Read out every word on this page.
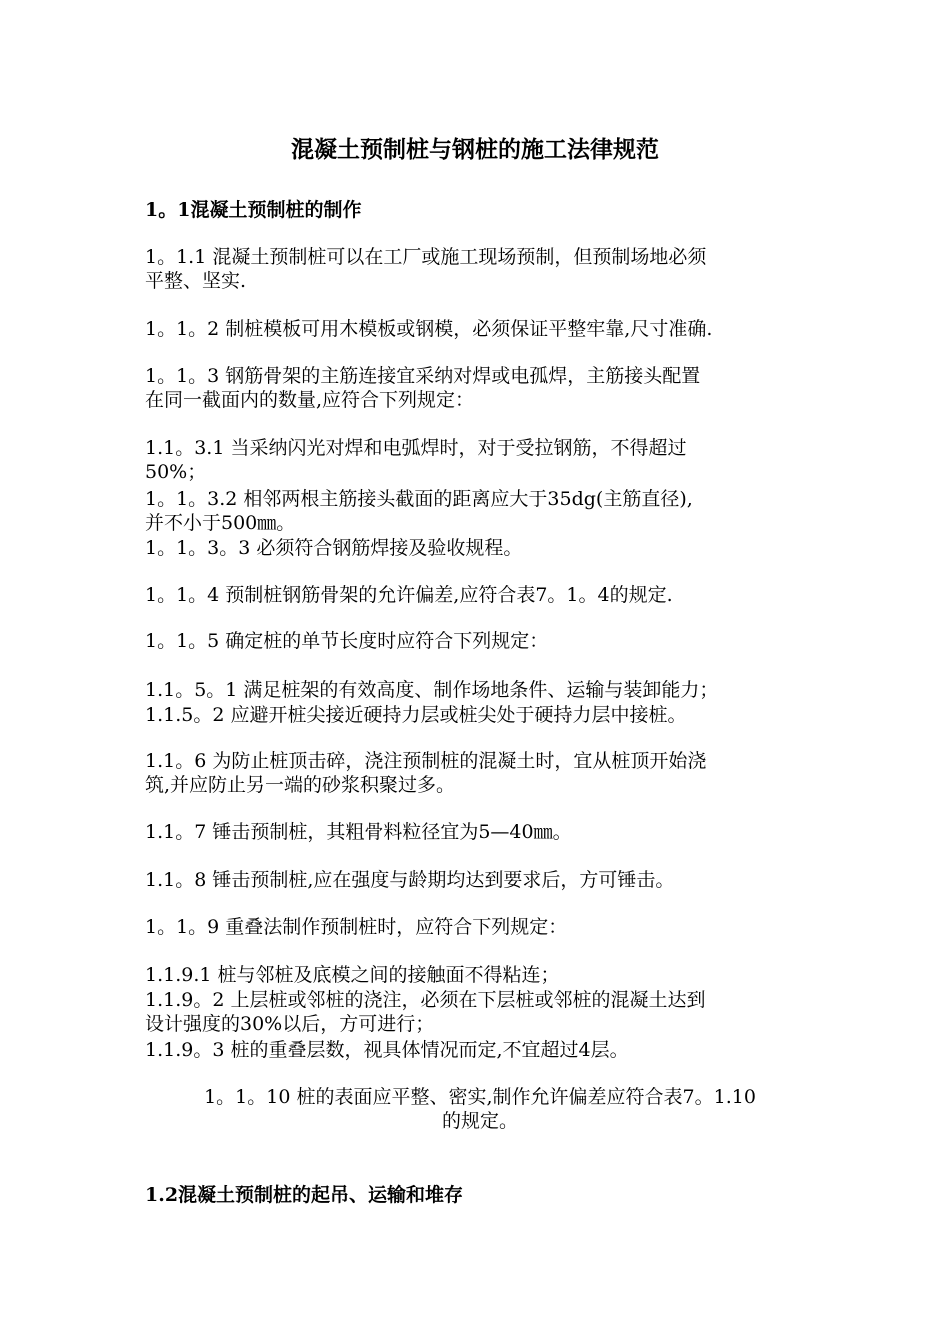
混凝土预制桩与钢桩的施工法律规范
1。1混凝土预制桩的制作
1。1.1 混凝土预制桩可以在工厂或施工现场预制，但预制场地必须
平整、坚实.
1。1。2 制桩模板可用木模板或钢模，必须保证平整牢靠,尺寸准确.
1。1。3 钢筋骨架的主筋连接宜采纳对焊或电孤焊，主筋接头配置
在同一截面内的数量,应符合下列规定：
1.1。3.1 当采纳闪光对焊和电弧焊时，对于受拉钢筋，不得超过
50%；
1。1。3.2 相邻两根主筋接头截面的距离应大于35dg(主筋直径),
并不小于500㎜。
1。1。3。3 必须符合钢筋焊接及验收规程。
1。1。4 预制桩钢筋骨架的允许偏差,应符合表7。1。4的规定.
1。1。5 确定桩的单节长度时应符合下列规定：
1.1。5。1 满足桩架的有效高度、制作场地条件、运输与装卸能力；
1.1.5。2 应避开桩尖接近硬持力层或桩尖处于硬持力层中接桩。
1.1。6 为防止桩顶击碎，浇注预制桩的混凝土时，宜从桩顶开始浇
筑,并应防止另一端的砂浆积聚过多。
1.1。7 锤击预制桩，其粗骨料粒径宜为5—40㎜。
1.1。8 锤击预制桩,应在强度与龄期均达到要求后，方可锤击。
1。1。9 重叠法制作预制桩时，应符合下列规定：
1.1.9.1 桩与邻桩及底模之间的接触面不得粘连；
1.1.9。2 上层桩或邻桩的浇注，必须在下层桩或邻桩的混凝土达到
设计强度的30%以后，方可进行；
1.1.9。3 桩的重叠层数，视具体情况而定,不宜超过4层。
1。1。10 桩的表面应平整、密实,制作允许偏差应符合表7。1.10
的规定。
1.2混凝土预制桩的起吊、运输和堆存
